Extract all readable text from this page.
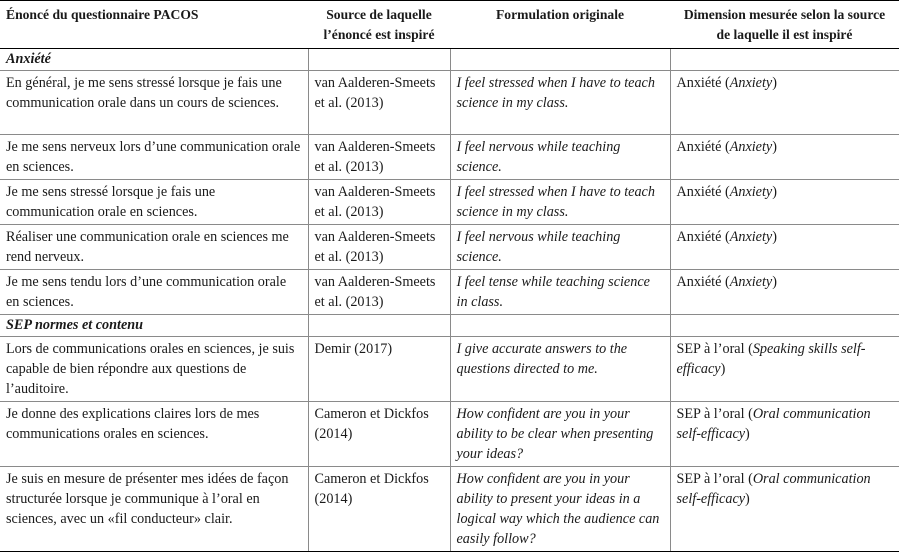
Énoncé du questionnaire PACOS	Source de laquelle l’énoncé est inspiré	Formulation originale	Dimension mesurée selon la source de laquelle il est inspiré
Anxiété			
En général, je me sens stressé lorsque je fais une communication orale dans un cours de sciences.	van Aalderen-Smeets et al. (2013)	I feel stressed when I have to teach science in my class.	Anxiété (Anxiety)
Je me sens nerveux lors d’une communication orale en sciences.	van Aalderen-Smeets et al. (2013)	I feel nervous while teaching science.	Anxiété (Anxiety)
Je me sens stressé lorsque je fais une communication orale en sciences.	van Aalderen-Smeets et al. (2013)	I feel stressed when I have to teach science in my class.	Anxiété (Anxiety)
Réaliser une communication orale en sciences me rend nerveux.	van Aalderen-Smeets et al. (2013)	I feel nervous while teaching science.	Anxiété (Anxiety)
Je me sens tendu lors d’une communication orale en sciences.	van Aalderen-Smeets et al. (2013)	I feel tense while teaching science in class.	Anxiété (Anxiety)
SEP normes et contenu			
Lors de communications orales en sciences, je suis capable de bien répondre aux questions de l’auditoire.	Demir (2017)	I give accurate answers to the questions directed to me.	SEP à l’oral (Speaking skills self-efficacy)
Je donne des explications claires lors de mes communications orales en sciences.	Cameron et Dickfos (2014)	How confident are you in your ability to be clear when presenting your ideas?	SEP à l’oral (Oral communication self-efficacy)
Je suis en mesure de présenter mes idées de façon structurée lorsque je communique à l’oral en sciences, avec un «fil conducteur» clair.	Cameron et Dickfos (2014)	How confident are you in your ability to present your ideas in a logical way which the audience can easily follow?	SEP à l’oral (Oral communication self-efficacy)
